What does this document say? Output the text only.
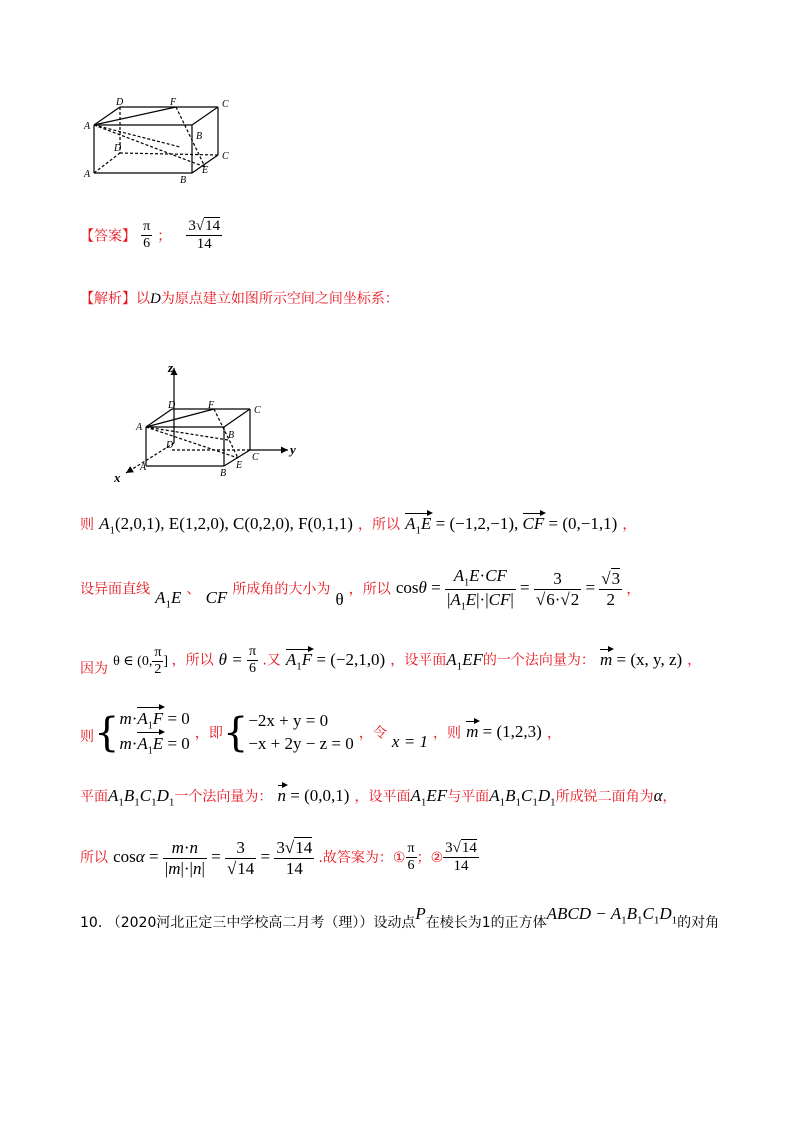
A
D	F	C
B
D
C
A
B
E
【答案】 $\frac{\pi}{6}$ ； $\frac{3√14}{14}$
【解析】以D为原点建立如图所示空间之间坐标系：
z
y
x
A
D	F	C
B
D
C
A
B
E
则 $A_1(2,0,1)$, E(1,2,0), C(0,2,0), F(0,1,1) ，所以 $A_1E = (-1,2,-1)$, CF = (0,−1,1) ，
设异面直线 $A_1E$ 、 CF 所成角的大小为 θ ，所以 $\cos\theta = \frac{A_1E\cdot CF}{|A_1E|\cdot|CF|} = \frac{3}{√6\cdot√2} = \frac{√3}{2}$ ，
因为 θ ∈ (0, $\frac{\pi}{2}$ ] ，所以 $\theta = \frac{\pi}{6}$ .又 $A_1F = (-2,1,0)$ ，设平面$A_1EF$的一个法向量为： m = (x, y, z) ，
则{ $m\cdot A_1F = 0$
$m\cdot A_1E = 0$
，即{ −2x + y = 0
−x + 2y − z = 0
，令 x = 1 ，则 m = (1,2,3) ，
平面$A_1B_1C_1D_1$一个法向量为： n = (0,0,1) ，设平面$A_1EF$与平面$A_1B_1C_1D_1$所成锐二面角为α，
所以 $\cos\alpha = \frac{m\cdot n}{|m|\cdot|n|} = \frac{3}{√14} = \frac{3√14}{14}$ .故答案为：① $\frac{\pi}{6}$ ；② $\frac{3√14}{14}$
10. （2020河北正定三中学校高二月考（理））设动点P在棱长为1的正方体ABCD − $A_1B_1C_1D_1$的对角
